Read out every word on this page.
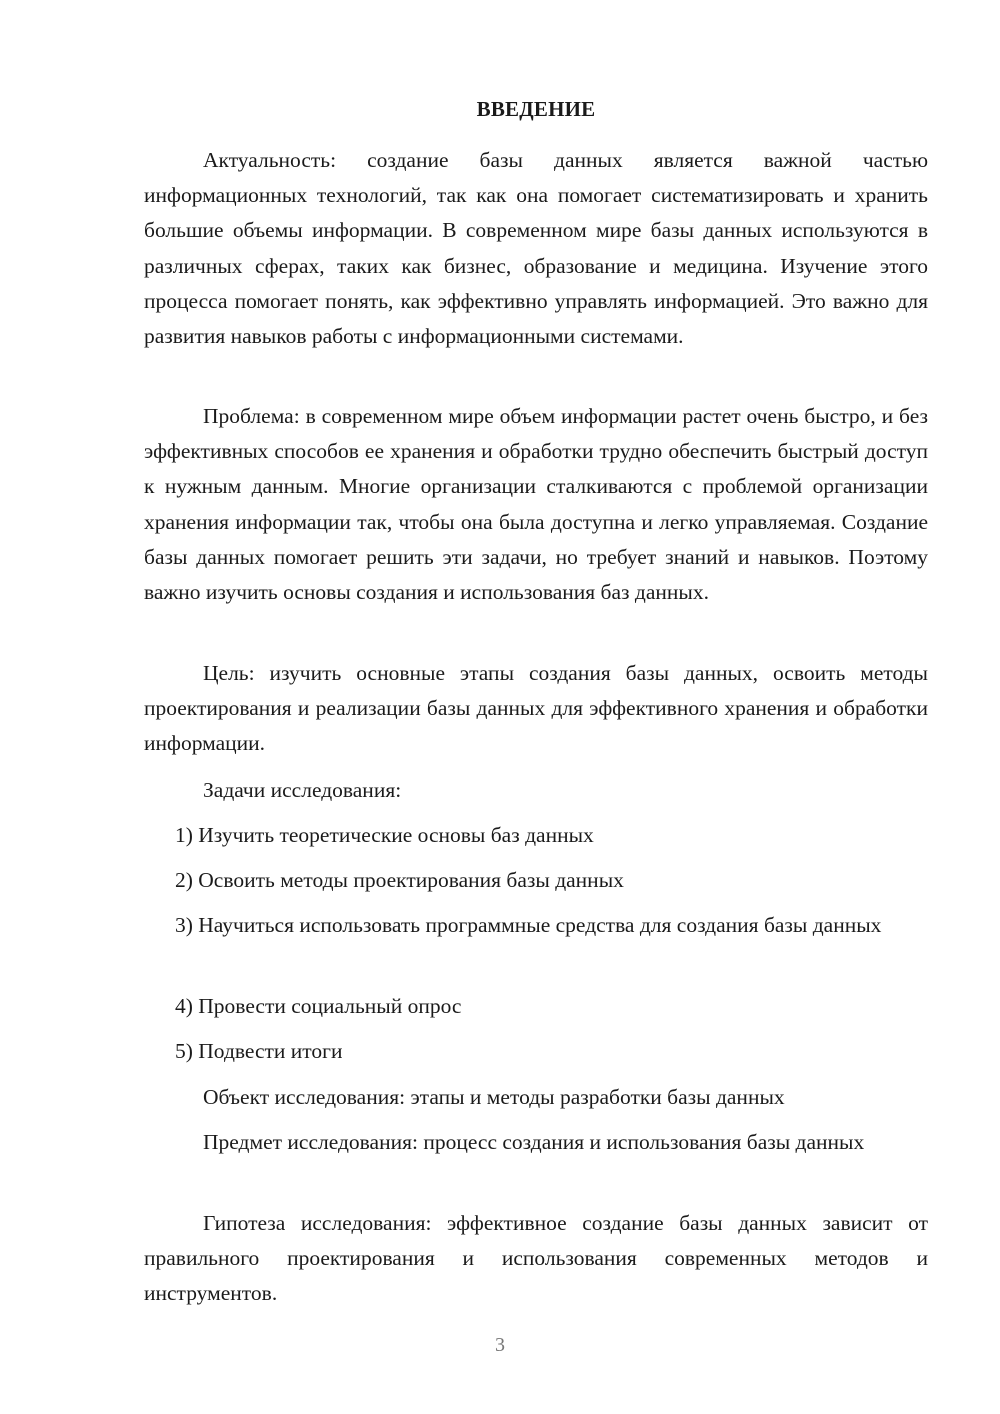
ВВЕДЕНИЕ

Актуальность: создание базы данных является важной частью информационных технологий, так как она помогает систематизировать и хранить большие объемы информации. В современном мире базы данных используются в различных сферах, таких как бизнес, образование и медицина. Изучение этого процесса помогает понять, как эффективно управлять информацией. Это важно для развития навыков работы с информационными системами.

Проблема: в современном мире объем информации растет очень быстро, и без эффективных способов ее хранения и обработки трудно обеспечить быстрый доступ к нужным данным. Многие организации сталкиваются с проблемой организации хранения информации так, чтобы она была доступна и легко управляемая. Создание базы данных помогает решить эти задачи, но требует знаний и навыков. Поэтому важно изучить основы создания и использования баз данных.

Цель: изучить основные этапы создания базы данных, освоить методы проектирования и реализации базы данных для эффективного хранения и обработки информации.

Задачи исследования:

1) Изучить теоретические основы баз данных

2) Освоить методы проектирования базы данных

3) Научиться использовать программные средства для создания базы данных

4) Провести социальный опрос

5) Подвести итоги

Объект исследования: этапы и методы разработки базы данных

Предмет исследования: процесс создания и использования базы данных

Гипотеза исследования: эффективное создание базы данных зависит от правильного проектирования и использования современных методов и инструментов.

3
